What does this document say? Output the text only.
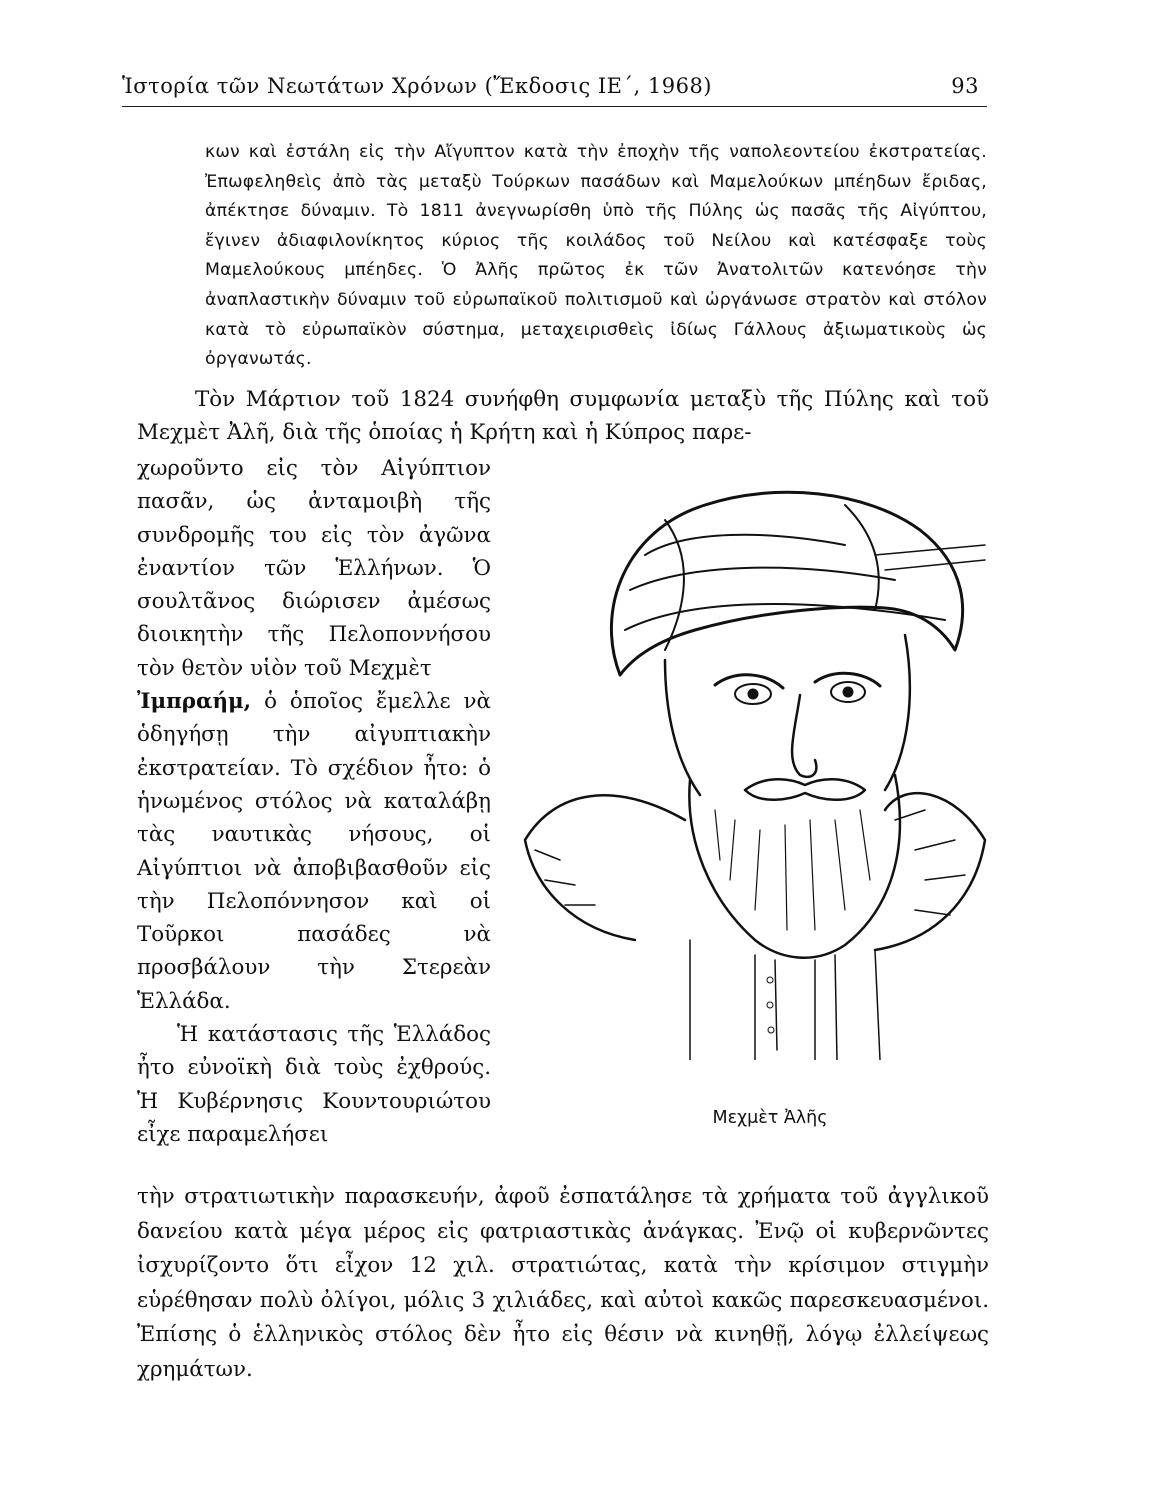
Ἱστορία τῶν Νεωτάτων Χρόνων (Ἔκδοσις ΙΕ΄, 1968)	93

κων καὶ ἐστάλη εἰς τὴν Αἴγυπτον κατὰ τὴν ἐποχὴν τῆς ναπολεοντείου ἐκστρατείας. Ἐπωφεληθεὶς ἀπὸ τὰς μεταξὺ Τούρκων πασάδων καὶ Μαμελούκων μπέηδων ἔριδας, ἀπέκτησε δύναμιν. Τὸ 1811 ἀνεγνωρίσθη ὑπὸ τῆς Πύλης ὡς πασᾶς τῆς Αἰγύπτου, ἔγινεν ἀδιαφιλονίκητος κύριος τῆς κοιλάδος τοῦ Νείλου καὶ κατέσφαξε τοὺς Μαμελούκους μπέηδες. Ὁ Ἀλῆς πρῶτος ἐκ τῶν Ἀνατολιτῶν κατενόησε τὴν ἀναπλαστικὴν δύναμιν τοῦ εὐρωπαϊκοῦ πολιτισμοῦ καὶ ὠργάνωσε στρατὸν καὶ στόλον κατὰ τὸ εὐρωπαϊκὸν σύστημα, μεταχειρισθεὶς ἰδίως Γάλλους ἀξιωματικοὺς ὡς ὀργανωτάς.

Τὸν Μάρτιον τοῦ 1824 συνήφθη συμφωνία μεταξὺ τῆς Πύλης καὶ τοῦ Μεχμὲτ Ἀλῆ, διὰ τῆς ὁποίας ἡ Κρήτη καὶ ἡ Κύπρος παρε-

χωροῦντο εἰς τὸν Αἰγύπτιον πασᾶν, ὡς ἀνταμοιβὴ τῆς συνδρομῆς του εἰς τὸν ἀγῶνα ἐναντίον τῶν Ἑλλήνων. Ὁ σουλτᾶνος διώρισεν ἀμέσως διοικητὴν τῆς Πελοποννήσου τὸν θετὸν υἱὸν τοῦ Μεχμὲτ
Ἰμπραήμ, ὁ ὁποῖος ἔμελλε νὰ ὁδηγήσῃ τὴν αἰγυπτιακὴν ἐκστρατείαν. Τὸ σχέδιον ἦτο: ὁ ἡνωμένος στόλος νὰ καταλάβῃ τὰς ναυτικὰς νήσους, οἱ Αἰγύπτιοι νὰ ἀποβιβασθοῦν εἰς τὴν Πελοπόννησον καὶ οἱ Τοῦρκοι πασάδες νὰ προσβάλουν τὴν Στερεὰν Ἑλλάδα.

Ἡ κατάστασις τῆς Ἑλλάδος ἦτο εὐνοϊκὴ διὰ τοὺς ἐχθρούς. Ἡ Κυβέρνησις Κουντουριώτου εἶχε παραμελήσει

τὴν στρατιωτικὴν παρασκευήν, ἀφοῦ ἐσπατάλησε τὰ χρήματα τοῦ ἀγγλικοῦ δανείου κατὰ μέγα μέρος εἰς φατριαστικὰς ἀνάγκας. Ἐνῷ οἱ κυβερνῶντες ἰσχυρίζοντο ὅτι εἶχον 12 χιλ. στρατιώτας, κατὰ τὴν κρίσιμον στιγμὴν εὑρέθησαν πολὺ ὀλίγοι, μόλις 3 χιλιάδες, καὶ αὐτοὶ κακῶς παρεσκευασμένοι. Ἐπίσης ὁ ἑλληνικὸς στόλος δὲν ἦτο εἰς θέσιν νὰ κινηθῇ, λόγῳ ἐλλείψεως χρημάτων.

Μεχμὲτ Ἀλῆς
